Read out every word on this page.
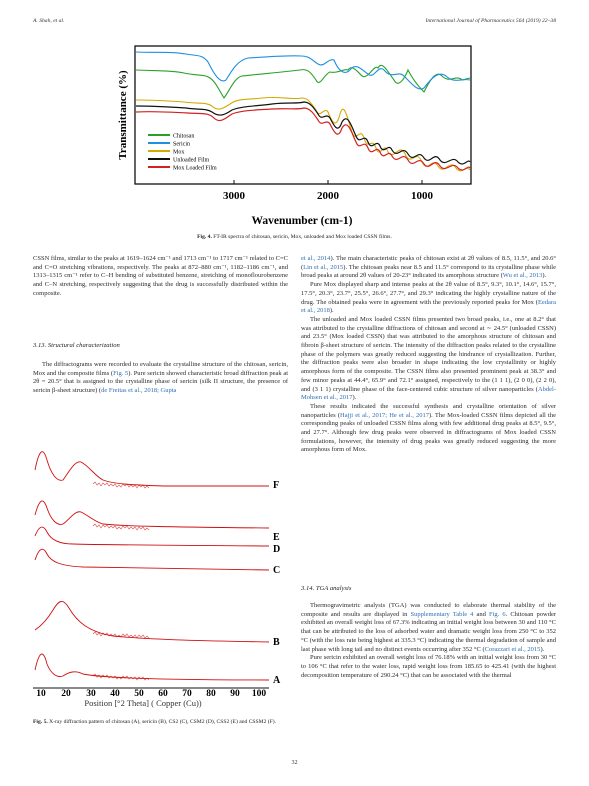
A. Shah, et al.	International Journal of Pharmaceutics 564 (2019) 22–38
Transmittance (%)	Chitosan
Sericin
Mox
Unloaded Film
Mox Loaded Film
3000	2000	1000
Wavenumber (cm-1)
Fig. 4. FT-IR spectra of chitosan, sericin, Mox, unloaded and Mox loaded CSSN films.

CSSN films, similar to the peaks at 1619–1624 cm⁻¹ and 1713 cm⁻¹ to 1717 cm⁻¹ related to C=C and C=O stretching vibrations, respectively. The peaks at 872–880 cm⁻¹, 1182–1186 cm⁻¹, and 1313–1315 cm⁻¹ refer to C–H bending of substituted benzene, stretching of monoflourobenzene and C–N stretching, respectively suggesting that the drug is successfully distributed within the composite.

3.13. Structural characterization

The diffractograms were recorded to evaluate the crystalline structure of the chitosan, sericin, Mox and the composite films (Fig. 5). Pure sericin showed characteristic broad diffraction peak at 2θ = 20.5° that is assigned to the crystalline phase of sericin (silk II structure, the presence of sericin β-sheet structure) (de Freitas et al., 2018; Gupta

F
E
D
C
B
A
10 20 30 40 50 60 70 80 90 100
Position [°2 Theta] ( Copper (Cu))
Fig. 5. X-ray diffraction pattern of chitosan (A), sericin (B), CS2 (C), CSM2 (D), CSS2 (E) and CSSM2 (F).

et al., 2014). The main characteristic peaks of chitosan exist at 2θ values of 8.5, 11.5°, and 20.6° (Lin et al., 2015). The chitosan peaks near 8.5 and 11.5° correspond to its crystalline phase while broad peaks at around 2θ values of 20-23° indicated its amorphous structure (Wu et al., 2013).

Pure Mox displayed sharp and intense peaks at the 2θ value of 8.5°, 9.3°, 10.1°, 14.6°, 15.7°, 17.5°, 20.3°, 23.7°, 25.5°, 26.6°, 27.7°, and 29.3° indicating the highly crystalline nature of the drug. The obtained peaks were in agreement with the previously reported peaks for Mox (Eedara et al., 2018).

The unloaded and Mox loaded CSSN films presented two broad peaks, i.e., one at 8.2° that was attributed to the crystalline diffractions of chitosan and second at ∼ 24.5° (unloaded CSSN) and 23.5° (Mox loaded CSSN) that was attributed to the amorphous structure of chitosan and fibroin β-sheet structure of sericin. The intensity of the diffraction peaks related to the crystalline phase of the polymers was greatly reduced suggesting the hindrance of crystallization. Further, the diffraction peaks were also broader in shape indicating the low crystallinity or highly amorphous form of the composite. The CSSN films also presented prominent peak at 38.3° and few minor peaks at 44.4°, 65.9° and 72.1° assigned, respectively to the (1 1 1), (2 0 0), (2 2 0), and (3 1 1) crystalline phase of the face-centered cubic structure of silver nanoparticles (Abdel-Mohsen et al., 2017).

These results indicated the successful synthesis and crystalline orientation of silver nanoparticles (Hajji et al., 2017; He et al., 2017). The Mox-loaded CSSN films depicted all the corresponding peaks of unloaded CSSN films along with few additional drug peaks at 8.5°, 9.5°, and 27.7°. Although few drug peaks were observed in diffractograms of Mox loaded CSSN formulations, however, the intensity of drug peaks was greatly reduced suggesting the more amorphous form of Mox.

3.14. TGA analysis

Thermogravimetric analysis (TGA) was conducted to elaborate thermal stability of the composite and results are displayed in Supplementary Table 4 and Fig. 6. Chitosan powder exhibited an overall weight loss of 67.3% indicating an initial weight loss between 30 and 110 °C that can be attributed to the loss of adsorbed water and dramatic weight loss from 250 °C to 352 °C (with the loss rate being highest at 335.3 °C) indicating the thermal degradation of sample and last phase with long tail and no distinct events occurring after 352 °C (Corazzari et al., 2015).

Pure sericin exhibited an overall weight loss of 76.18% with an initial weight loss from 30 °C to 106 °C that refer to the water loss, rapid weight loss from 185.65 to 425.41 (with the highest decomposition temperature of 290.24 °C) that can be associated with the thermal

32
